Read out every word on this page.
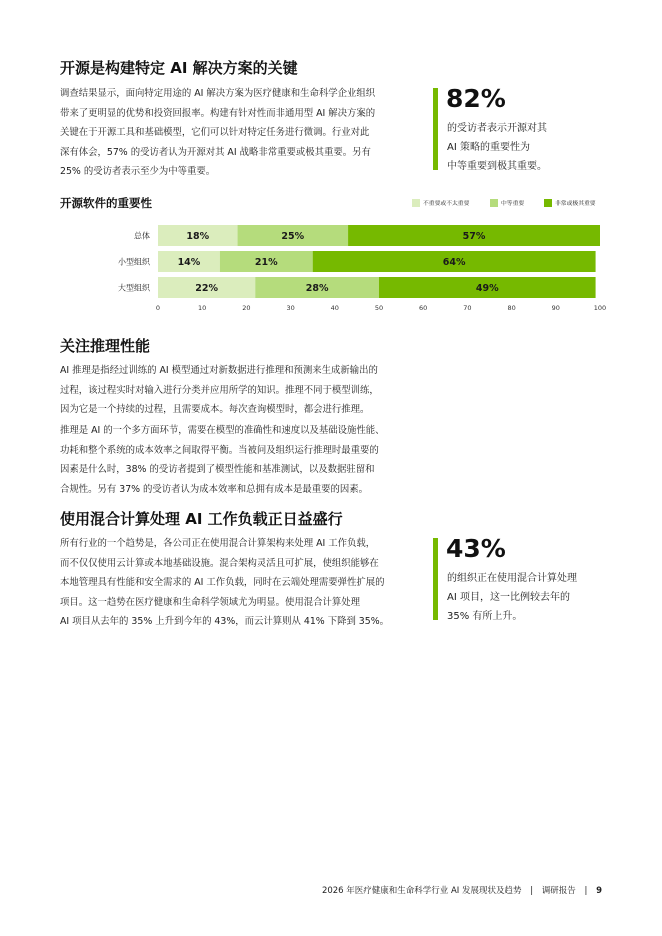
开源是构建特定 AI 解决方案的关键
调查结果显示，面向特定用途的 AI 解决方案为医疗健康和生命科学企业组织
带来了更明显的优势和投资回报率。构建有针对性而非通用型 AI 解决方案的
关键在于开源工具和基础模型，它们可以针对特定任务进行微调。行业对此
深有体会，57% 的受访者认为开源对其 AI 战略非常重要或极其重要。另有
25% 的受访者表示至少为中等重要。
82%
的受访者表示开源对其
AI 策略的重要性为
中等重要到极其重要。
开源软件的重要性	不重要或不太重要	中等重要	非常或极其重要
总体	18%	25%	57%
小型组织	14%	21%	64%
大型组织	22%	28%	49%
0	10	20	30	40	50	60	70	80	90	100
关注推理性能
AI 推理是指经过训练的 AI 模型通过对新数据进行推理和预测来生成新输出的
过程，该过程实时对输入进行分类并应用所学的知识。推理不同于模型训练，
因为它是一个持续的过程，且需要成本。每次查询模型时，都会进行推理。
推理是 AI 的一个多方面环节，需要在模型的准确性和速度以及基础设施性能、
功耗和整个系统的成本效率之间取得平衡。当被问及组织运行推理时最重要的
因素是什么时，38% 的受访者提到了模型性能和基准测试，以及数据驻留和
合规性。另有 37% 的受访者认为成本效率和总拥有成本是最重要的因素。
使用混合计算处理 AI 工作负载正日益盛行
所有行业的一个趋势是，各公司正在使用混合计算架构来处理 AI 工作负载，
而不仅仅使用云计算或本地基础设施。混合架构灵活且可扩展，使组织能够在
本地管理具有性能和安全需求的 AI 工作负载，同时在云端处理需要弹性扩展的
项目。这一趋势在医疗健康和生命科学领域尤为明显。使用混合计算处理
AI 项目从去年的 35% 上升到今年的 43%，而云计算则从 41% 下降到 35%。
43%
的组织正在使用混合计算处理
AI 项目，这一比例较去年的
35% 有所上升。
2026 年医疗健康和生命科学行业 AI 发展现状及趋势 | 调研报告 | 9
